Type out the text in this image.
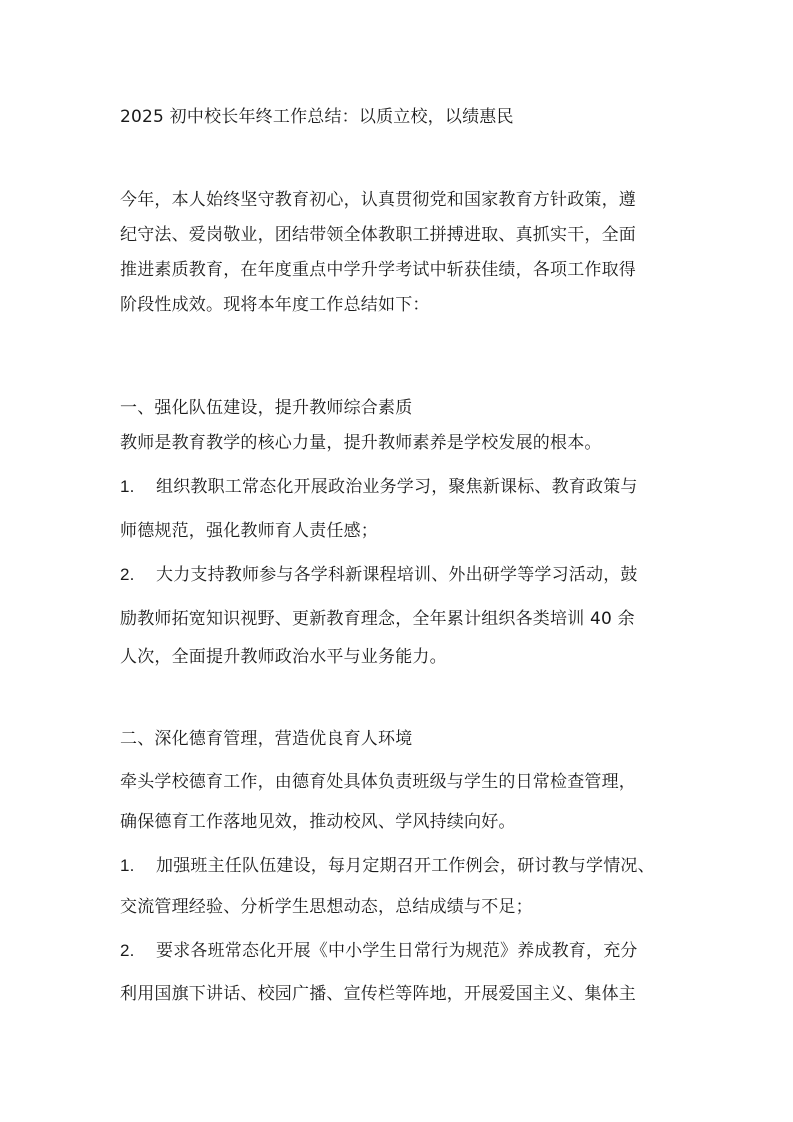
2025 初中校长年终工作总结：以质立校，以绩惠民
今年，本人始终坚守教育初心，认真贯彻党和国家教育方针政策，遵
纪守法、爱岗敬业，团结带领全体教职工拼搏进取、真抓实干，全面
推进素质教育，在年度重点中学升学考试中斩获佳绩，各项工作取得
阶段性成效。现将本年度工作总结如下：
一、强化队伍建设，提升教师综合素质
教师是教育教学的核心力量，提升教师素养是学校发展的根本。
1. 组织教职工常态化开展政治业务学习，聚焦新课标、教育政策与
师德规范，强化教师育人责任感；
2. 大力支持教师参与各学科新课程培训、外出研学等学习活动，鼓
励教师拓宽知识视野、更新教育理念，全年累计组织各类培训 40 余
人次，全面提升教师政治水平与业务能力。
二、深化德育管理，营造优良育人环境
牵头学校德育工作，由德育处具体负责班级与学生的日常检查管理，
确保德育工作落地见效，推动校风、学风持续向好。
1. 加强班主任队伍建设，每月定期召开工作例会，研讨教与学情况、
交流管理经验、分析学生思想动态，总结成绩与不足；
2. 要求各班常态化开展《中小学生日常行为规范》养成教育，充分
利用国旗下讲话、校园广播、宣传栏等阵地，开展爱国主义、集体主
